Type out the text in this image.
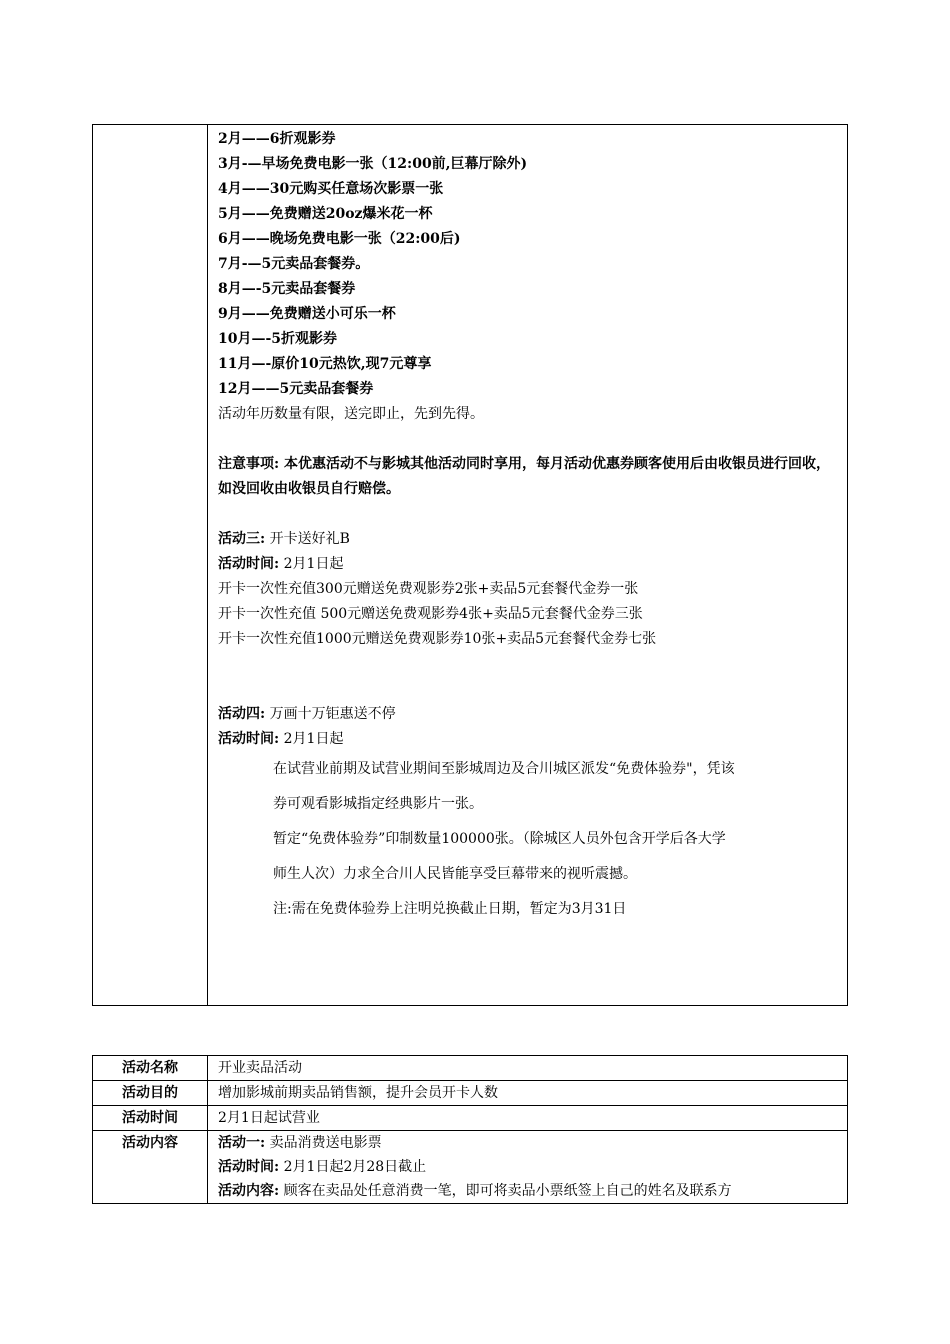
2月——6折观影券
3月-—早场免费电影一张（12:00前,巨幕厅除外)
4月——30元购买任意场次影票一张
5月——免费赠送20oz爆米花一杯
6月——晚场免费电影一张（22:00后)
7月-—5元卖品套餐券。
8月—-5元卖品套餐券
9月——免费赠送小可乐一杯
10月—-5折观影券
11月—-原价10元热饮,现7元尊享
12月——5元卖品套餐券
活动年历数量有限，送完即止，先到先得。
注意事项: 本优惠活动不与影城其他活动同时享用，每月活动优惠券顾客使用后由收银员进行回收，如没回收由收银员自行赔偿。
活动三: 开卡送好礼B
活动时间: 2月1日起
开卡一次性充值300元赠送免费观影券2张+卖品5元套餐代金券一张
开卡一次性充值 500元赠送免费观影券4张+卖品5元套餐代金券三张
开卡一次性充值1000元赠送免费观影券10张+卖品5元套餐代金券七张
活动四: 万画十万钜惠送不停
活动时间: 2月1日起

在试营业前期及试营业期间至影城周边及合川城区派发“免费体验券"，凭该

券可观看影城指定经典影片一张。

暂定“免费体验券”印制数量100000张。（除城区人员外包含开学后各大学

师生人次）力求全合川人民皆能享受巨幕带来的视听震撼。

注:需在免费体验券上注明兑换截止日期，暂定为3月31日

活动名称	开业卖品活动
活动目的	增加影城前期卖品销售额，提升会员开卡人数
活动时间	2月1日起试营业
活动内容	活动一: 卖品消费送电影票
活动时间: 2月1日起2月28日截止
活动内容: 顾客在卖品处任意消费一笔，即可将卖品小票纸签上自己的姓名及联系方
